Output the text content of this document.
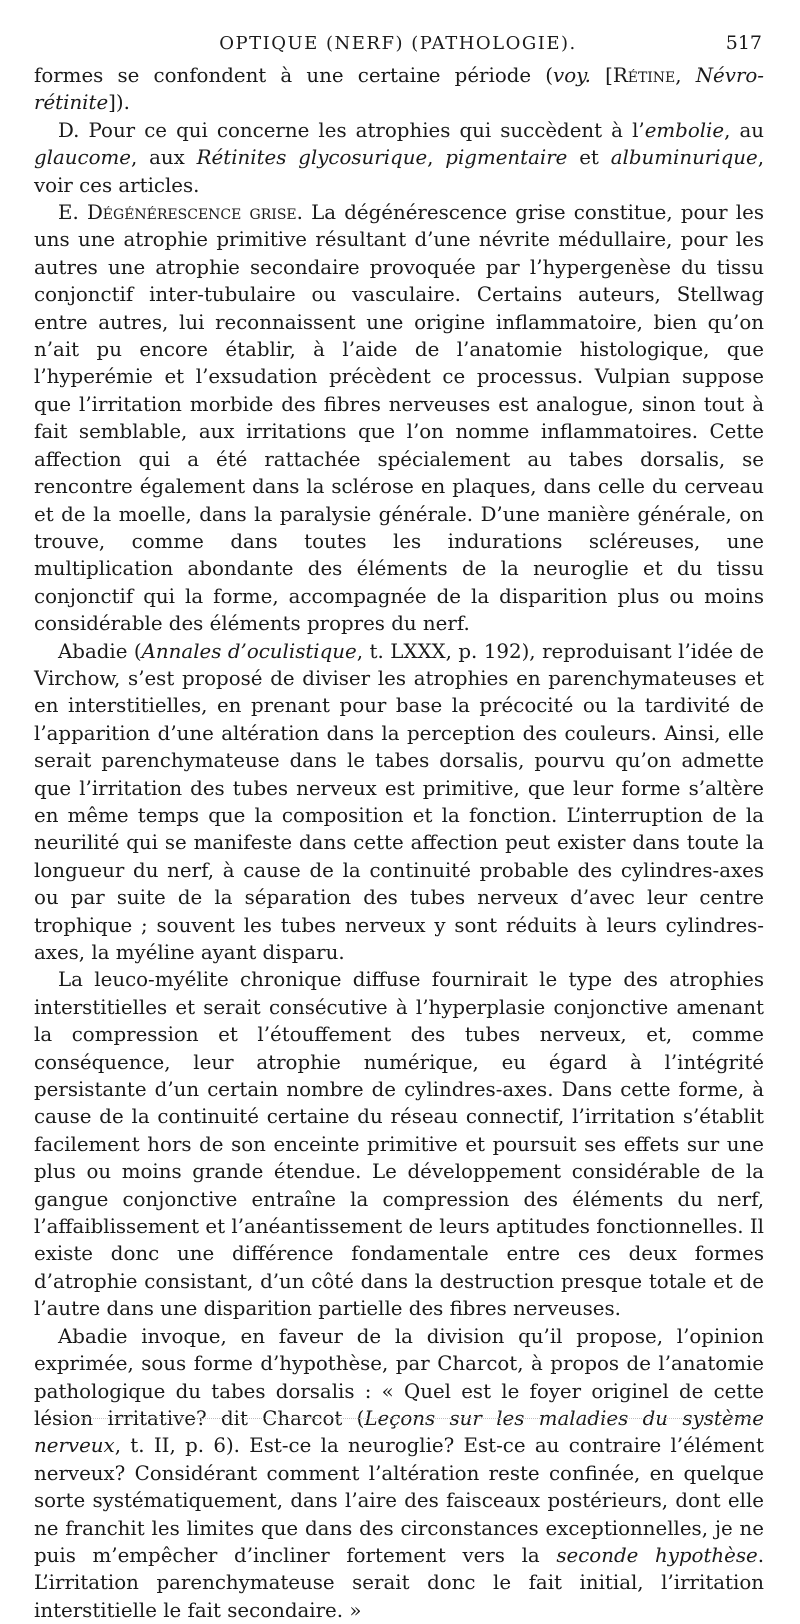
OPTIQUE (NERF) (PATHOLOGIE).	517

formes se confondent à une certaine période (voy. [Rétine, Névro-rétinite]).

D. Pour ce qui concerne les atrophies qui succèdent à l’embolie, au glaucome, aux Rétinites glycosurique, pigmentaire et albuminurique, voir ces articles.

E. Dégénérescence grise. La dégénérescence grise constitue, pour les uns une atrophie primitive résultant d’une névrite médullaire, pour les autres une atrophie secondaire provoquée par l’hypergenèse du tissu conjonctif inter-tubulaire ou vasculaire. Certains auteurs, Stellwag entre autres, lui reconnaissent une origine inflammatoire, bien qu’on n’ait pu encore établir, à l’aide de l’anatomie histologique, que l’hyperémie et l’exsudation précèdent ce processus. Vulpian suppose que l’irritation morbide des fibres nerveuses est analogue, sinon tout à fait semblable, aux irritations que l’on nomme inflammatoires. Cette affection qui a été rattachée spécialement au tabes dorsalis, se rencontre également dans la sclérose en plaques, dans celle du cerveau et de la moelle, dans la paralysie générale. D’une manière générale, on trouve, comme dans toutes les indurations scléreuses, une multiplication abondante des éléments de la neuroglie et du tissu conjonctif qui la forme, accompagnée de la disparition plus ou moins considérable des éléments propres du nerf.

Abadie (Annales d’oculistique, t. LXXX, p. 192), reproduisant l’idée de Virchow, s’est proposé de diviser les atrophies en parenchymateuses et en interstitielles, en prenant pour base la précocité ou la tardivité de l’apparition d’une altération dans la perception des couleurs. Ainsi, elle serait parenchymateuse dans le tabes dorsalis, pourvu qu’on admette que l’irritation des tubes nerveux est primitive, que leur forme s’altère en même temps que la composition et la fonction. L’interruption de la neurilité qui se manifeste dans cette affection peut exister dans toute la longueur du nerf, à cause de la continuité probable des cylindres-axes ou par suite de la séparation des tubes nerveux d’avec leur centre trophique ; souvent les tubes nerveux y sont réduits à leurs cylindres-axes, la myéline ayant disparu.

La leuco-myélite chronique diffuse fournirait le type des atrophies interstitielles et serait consécutive à l’hyperplasie conjonctive amenant la compression et l’étouffement des tubes nerveux, et, comme conséquence, leur atrophie numérique, eu égard à l’intégrité persistante d’un certain nombre de cylindres-axes. Dans cette forme, à cause de la continuité certaine du réseau connectif, l’irritation s’établit facilement hors de son enceinte primitive et poursuit ses effets sur une plus ou moins grande étendue. Le développement considérable de la gangue conjonctive entraîne la compression des éléments du nerf, l’affaiblissement et l’anéantissement de leurs aptitudes fonctionnelles. Il existe donc une différence fondamentale entre ces deux formes d’atrophie consistant, d’un côté dans la destruction presque totale et de l’autre dans une disparition partielle des fibres nerveuses.

Abadie invoque, en faveur de la division qu’il propose, l’opinion exprimée, sous forme d’hypothèse, par Charcot, à propos de l’anatomie pathologique du tabes dorsalis : « Quel est le foyer originel de cette lésion irritative? dit Charcot (Leçons sur les maladies du système nerveux, t. II, p. 6). Est-ce la neuroglie? Est-ce au contraire l’élément nerveux? Considérant comment l’altération reste confinée, en quelque sorte systématiquement, dans l’aire des faisceaux postérieurs, dont elle ne franchit les limites que dans des circonstances exceptionnelles, je ne puis m’empêcher d’incliner fortement vers la seconde hypothèse. L’irritation parenchymateuse serait donc le fait initial, l’irritation interstitielle le fait secondaire. »
